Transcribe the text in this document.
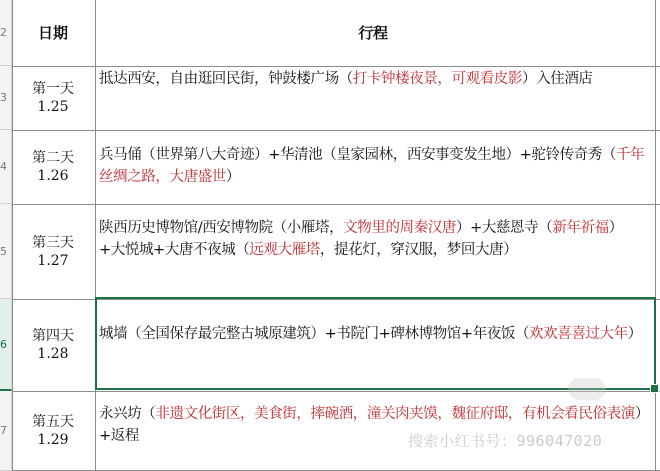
2
3
4
5
6
7
日期	行程
第一天
1.25
抵达西安，自由逛回民街，钟鼓楼广场（打卡钟楼夜景，可观看皮影）入住酒店
第二天
1.26
兵马俑（世界第八大奇迹）+华清池（皇家园林，西安事变发生地）+驼铃传奇秀（千年丝绸之路，大唐盛世）
第三天
1.27
陕西历史博物馆/西安博物院（小雁塔，文物里的周秦汉唐）+大慈恩寺（新年祈福）+大悦城+大唐不夜城（远观大雁塔，提花灯，穿汉服，梦回大唐）
第四天
1.28
城墙（全国保存最完整古城原建筑）+书院门+碑林博物馆+年夜饭（欢欢喜喜过大年）
第五天
1.29
永兴坊（非遗文化街区，美食街，摔碗酒，潼关肉夹馍，魏征府邸，有机会看民俗表演）+返程	搜索小红书号：996047020
